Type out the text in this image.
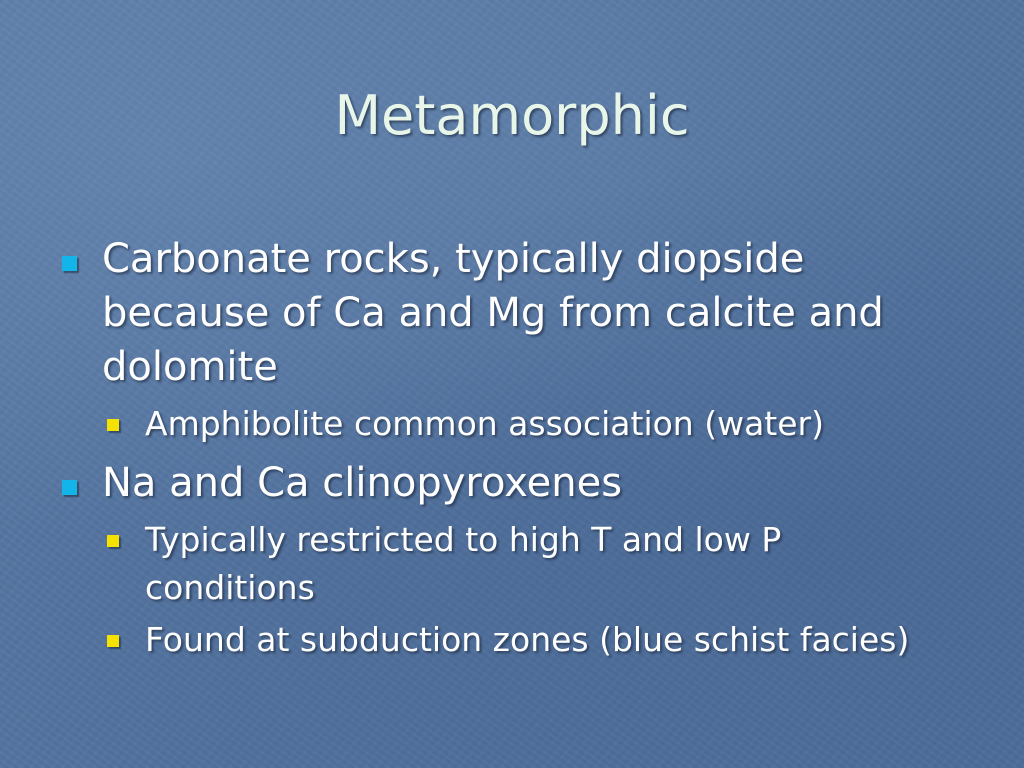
Metamorphic
Carbonate rocks, typically diopside because of Ca and Mg from calcite and dolomite
Amphibolite common association (water)
Na and Ca clinopyroxenes
Typically restricted to high T and low P conditions
Found at subduction zones (blue schist facies)
